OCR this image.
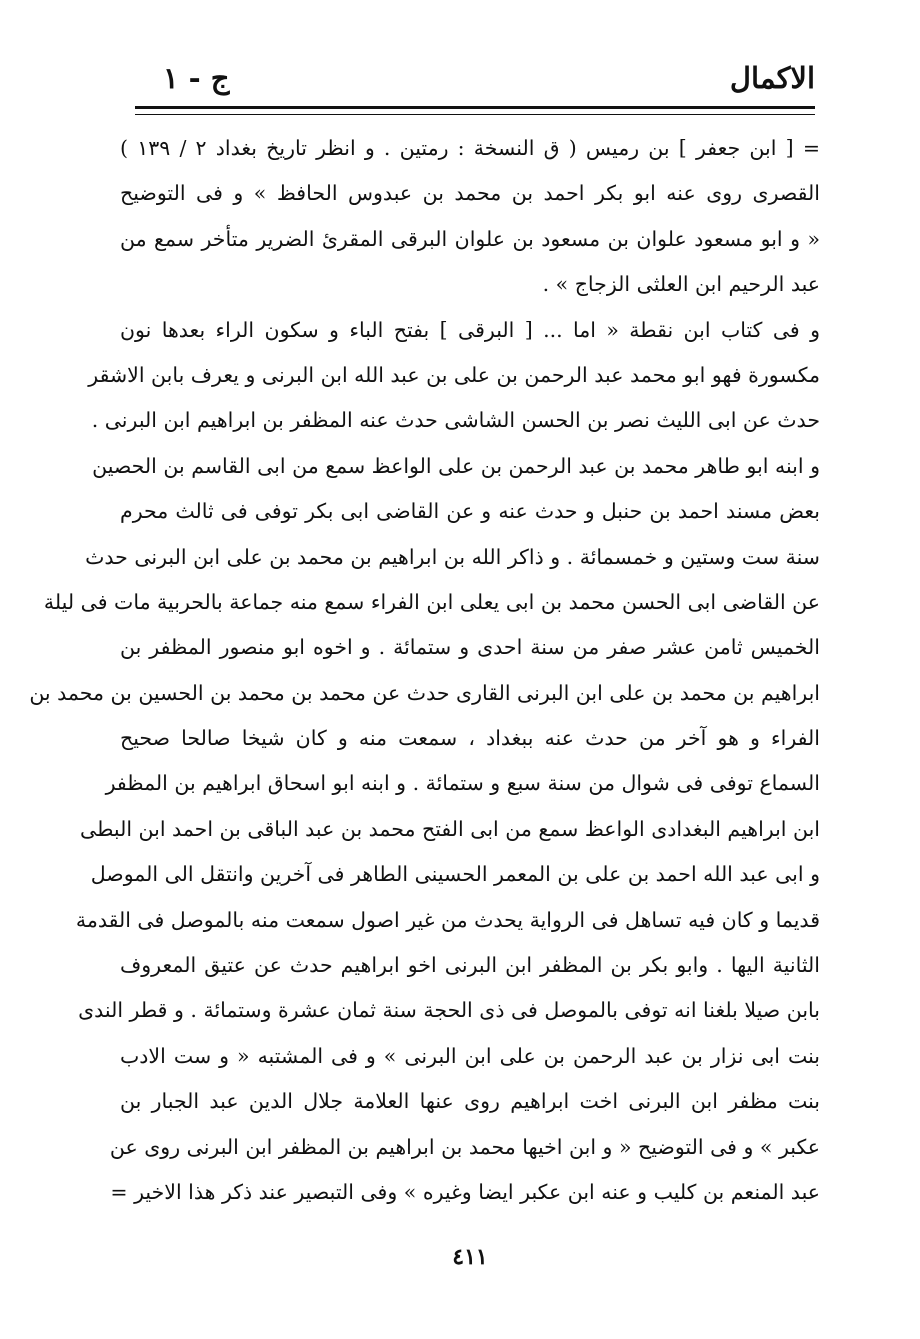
الاكمال
ج - ١
= [ ابن جعفر ] بن رميس ( ق النسخة : رمتين . و انظر تاريخ بغداد ٢ / ١٣٩ )
القصرى روى عنه ابو بكر احمد بن محمد بن عبدوس الحافظ » و فى التوضيح
« و ابو مسعود علوان بن مسعود بن علوان البرقى المقرئ الضرير متأخر سمع من
عبد الرحيم ابن العلثى الزجاج » .
و فى كتاب ابن نقطة « اما ... [ البرقى ] بفتح الباء و سكون الراء بعدها نون
مكسورة فهو ابو محمد عبد الرحمن بن على بن عبد الله ابن البرنى و يعرف بابن الاشقر
حدث عن ابى الليث نصر بن الحسن الشاشى حدث عنه المظفر بن ابراهيم ابن البرنى .
و ابنه ابو طاهر محمد بن عبد الرحمن بن على الواعظ سمع من ابى القاسم بن الحصين
بعض مسند احمد بن حنبل و حدث عنه و عن القاضى ابى بكر توفى فى ثالث محرم
سنة ست وستين و خمسمائة . و ذاكر الله بن ابراهيم بن محمد بن على ابن البرنى حدث
عن القاضى ابى الحسن محمد بن ابى يعلى ابن الفراء سمع منه جماعة بالحربية مات فى ليلة
الخميس ثامن عشر صفر من سنة احدى و ستمائة . و اخوه ابو منصور المظفر بن
ابراهيم بن محمد بن على ابن البرنى القارى حدث عن محمد بن محمد بن الحسين بن محمد بن
الفراء و هو آخر من حدث عنه ببغداد ، سمعت منه و كان شيخا صالحا صحيح
السماع توفى فى شوال من سنة سبع و ستمائة . و ابنه ابو اسحاق ابراهيم بن المظفر
ابن ابراهيم البغدادى الواعظ سمع من ابى الفتح محمد بن عبد الباقى بن احمد ابن البطى
و ابى عبد الله احمد بن على بن المعمر الحسينى الطاهر فى آخرين وانتقل الى الموصل
قديما و كان فيه تساهل فى الرواية يحدث من غير اصول سمعت منه بالموصل فى القدمة
الثانية اليها . وابو بكر بن المظفر ابن البرنى اخو ابراهيم حدث عن عتيق المعروف
بابن صيلا بلغنا انه توفى بالموصل فى ذى الحجة سنة ثمان عشرة وستمائة . و قطر الندى
بنت ابى نزار بن عبد الرحمن بن على ابن البرنى » و فى المشتبه « و ست الادب
بنت مظفر ابن البرنى اخت ابراهيم روى عنها العلامة جلال الدين عبد الجبار بن
عكبر » و فى التوضيح « و ابن اخيها محمد بن ابراهيم بن المظفر ابن البرنى روى عن
عبد المنعم بن كليب و عنه ابن عكبر ايضا وغيره » وفى التبصير عند ذكر هذا الاخير =
٤١١
